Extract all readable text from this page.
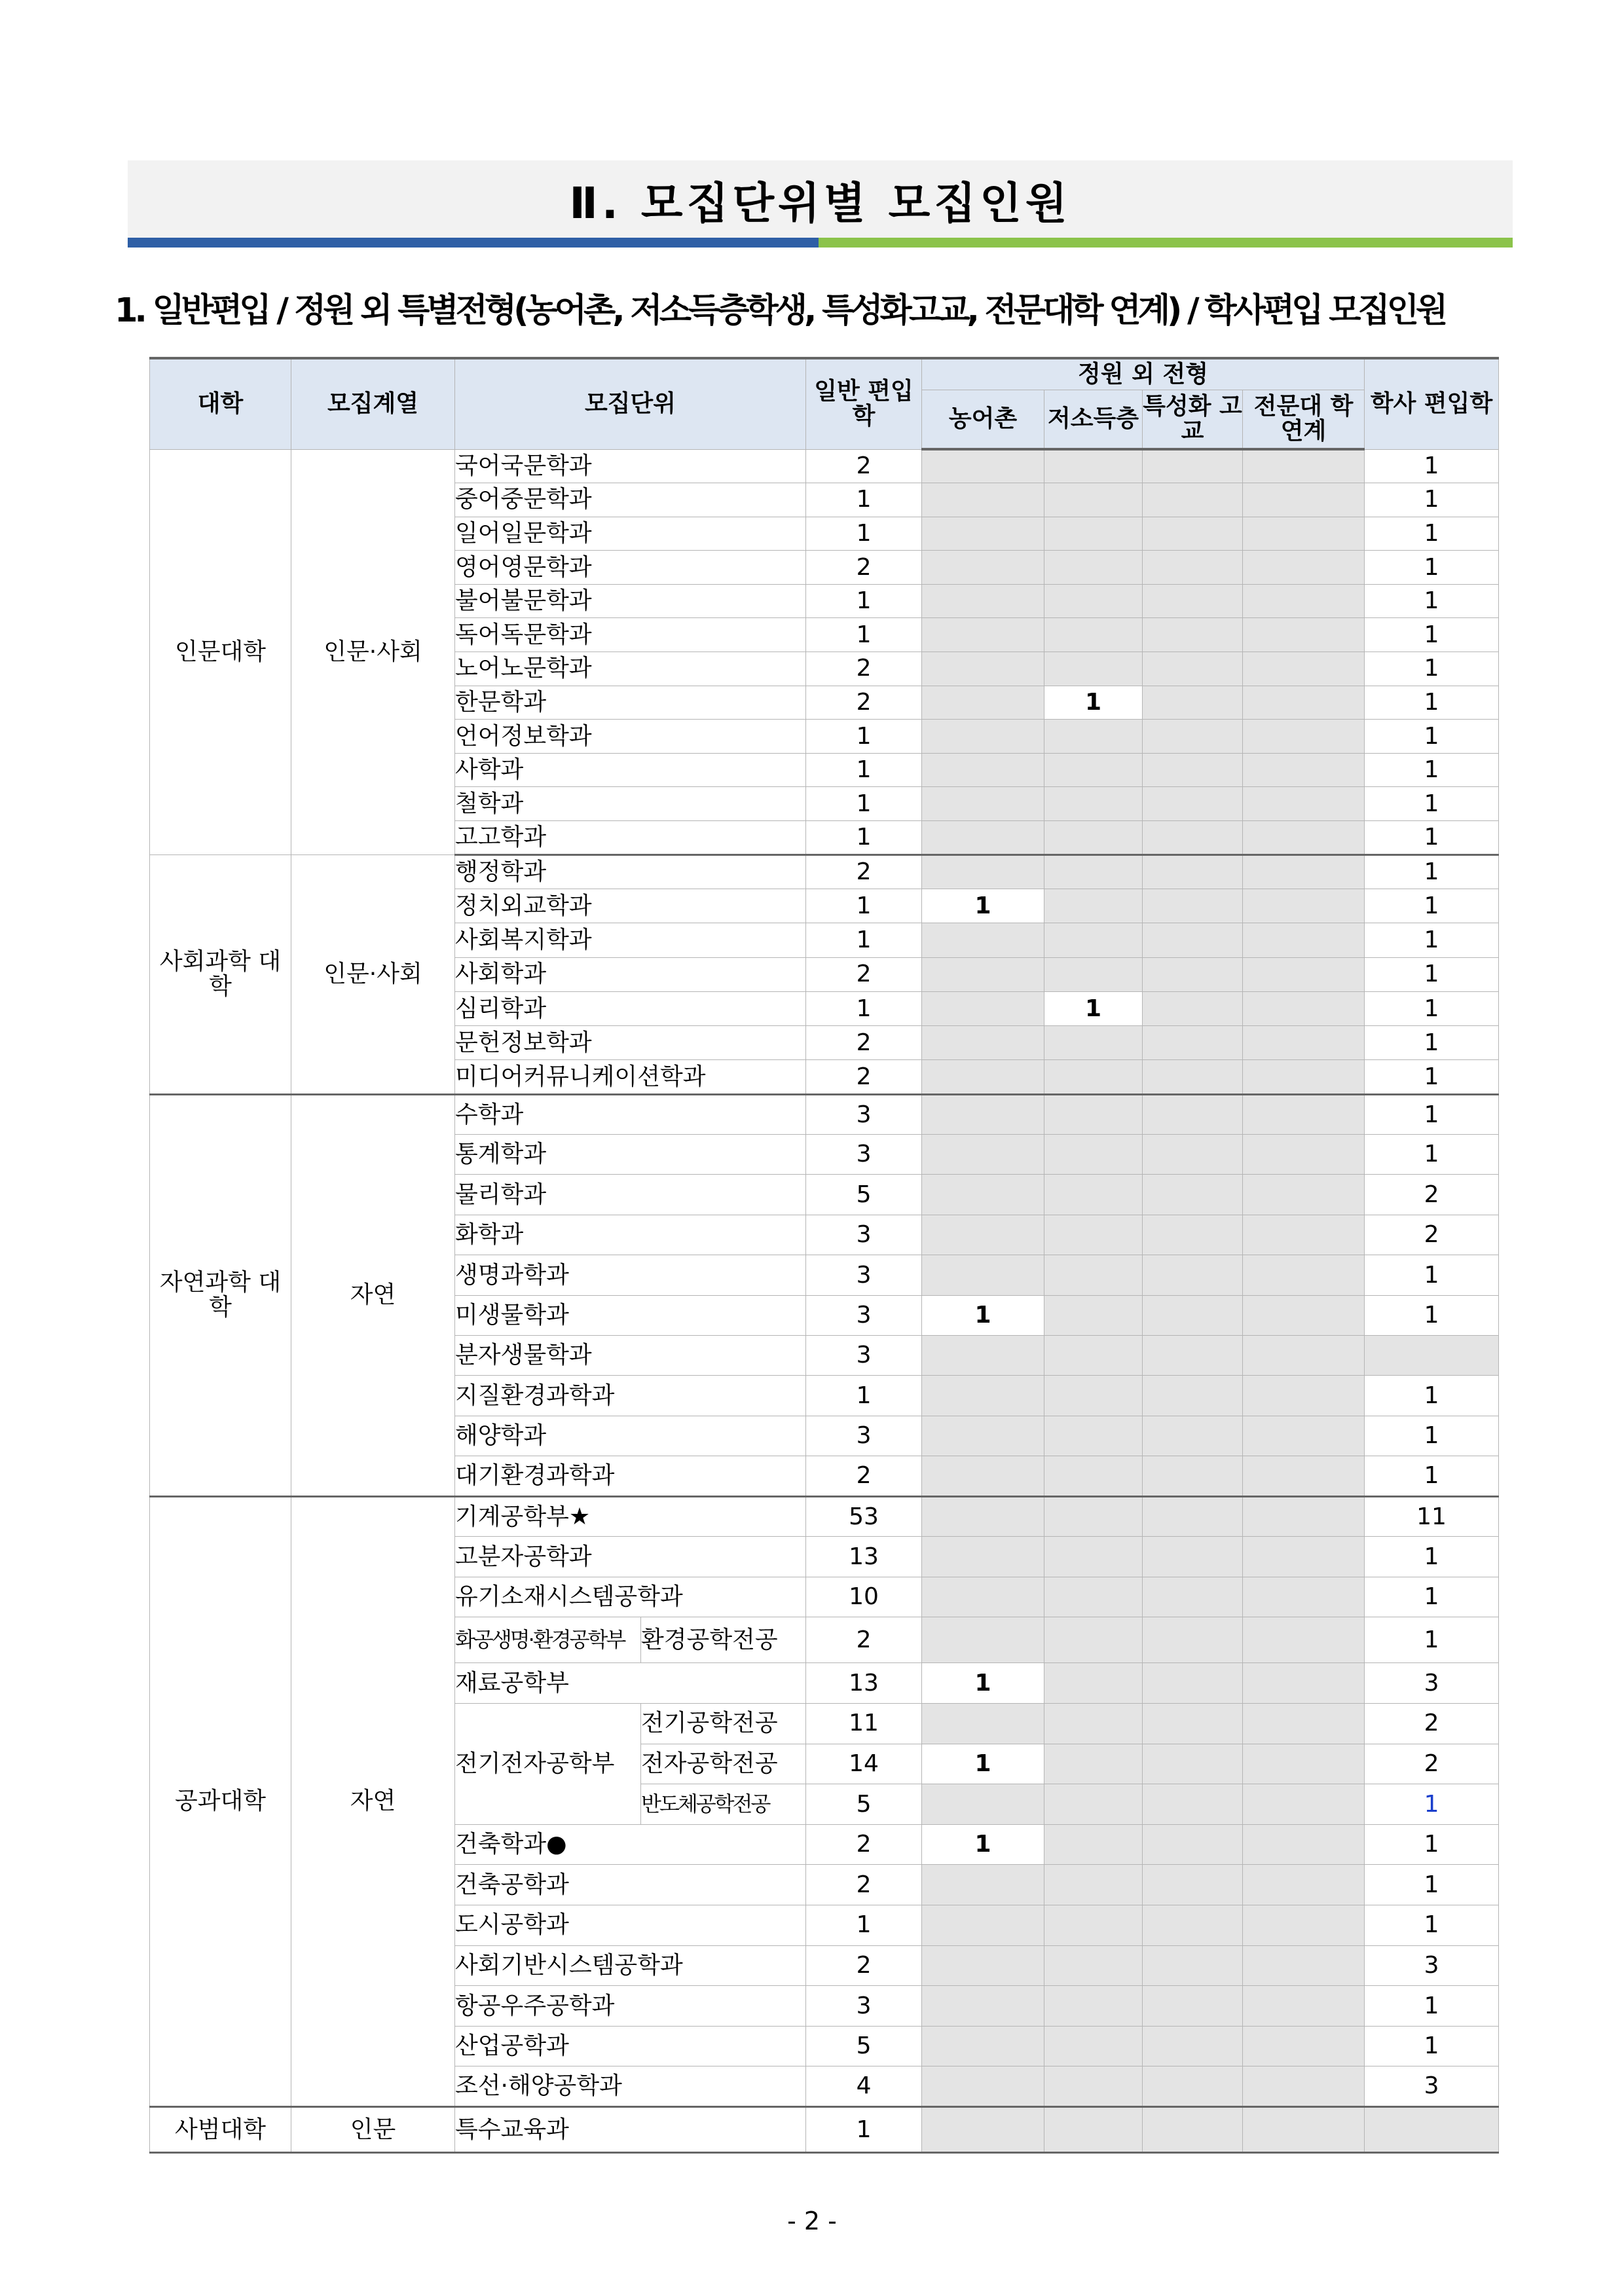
Ⅱ. 모집단위별 모집인원
1. 일반편입 / 정원 외 특별전형(농어촌, 저소득층학생, 특성화고교, 전문대학 연계) / 학사편입 모집인원
대학	모집계열	모집단위		일반 편입학	정원 외 전형				학사 편입학
					농어촌	저소득층	특성화 고교	전문대 학연계	
인문대학	인문·사회	국어국문학과		2					1
		중어중문학과		1					1
		일어일문학과		1					1
		영어영문학과		2					1
		불어불문학과		1					1
		독어독문학과		1					1
		노어노문학과		2					1
		한문학과		2		1			1
		언어정보학과		1					1
		사학과		1					1
		철학과		1					1
		고고학과		1					1
사회과학 대학	인문·사회	행정학과		2					1
		정치외교학과		1	1				1
		사회복지학과		1					1
		사회학과		2					1
		심리학과		1		1			1
		문헌정보학과		2					1
		미디어커뮤니케이션학과		2					1
자연과학 대학	자연	수학과		3					1
		통계학과		3					1
		물리학과		5					2
		화학과		3					2
		생명과학과		3					1
		미생물학과		3	1				1
		분자생물학과		3					
		지질환경과학과		1					1
		해양학과		3					1
		대기환경과학과		2					1
공과대학	자연	기계공학부★		53					11
		고분자공학과		13					1
		유기소재시스템공학과		10					1
		화공생명·환경공학부	환경공학전공	2					1
		재료공학부		13	1				3
		전기전자공학부	전기공학전공	11					2
			전자공학전공	14	1				2
			반도체공학전공	5					1
		건축학과●		2	1				1
		건축공학과		2					1
		도시공학과		1					1
		사회기반시스템공학과		2					3
		항공우주공학과		3					1
		산업공학과		5					1
		조선·해양공학과		4					3
사범대학	인문	특수교육과		1					
- 2 -
